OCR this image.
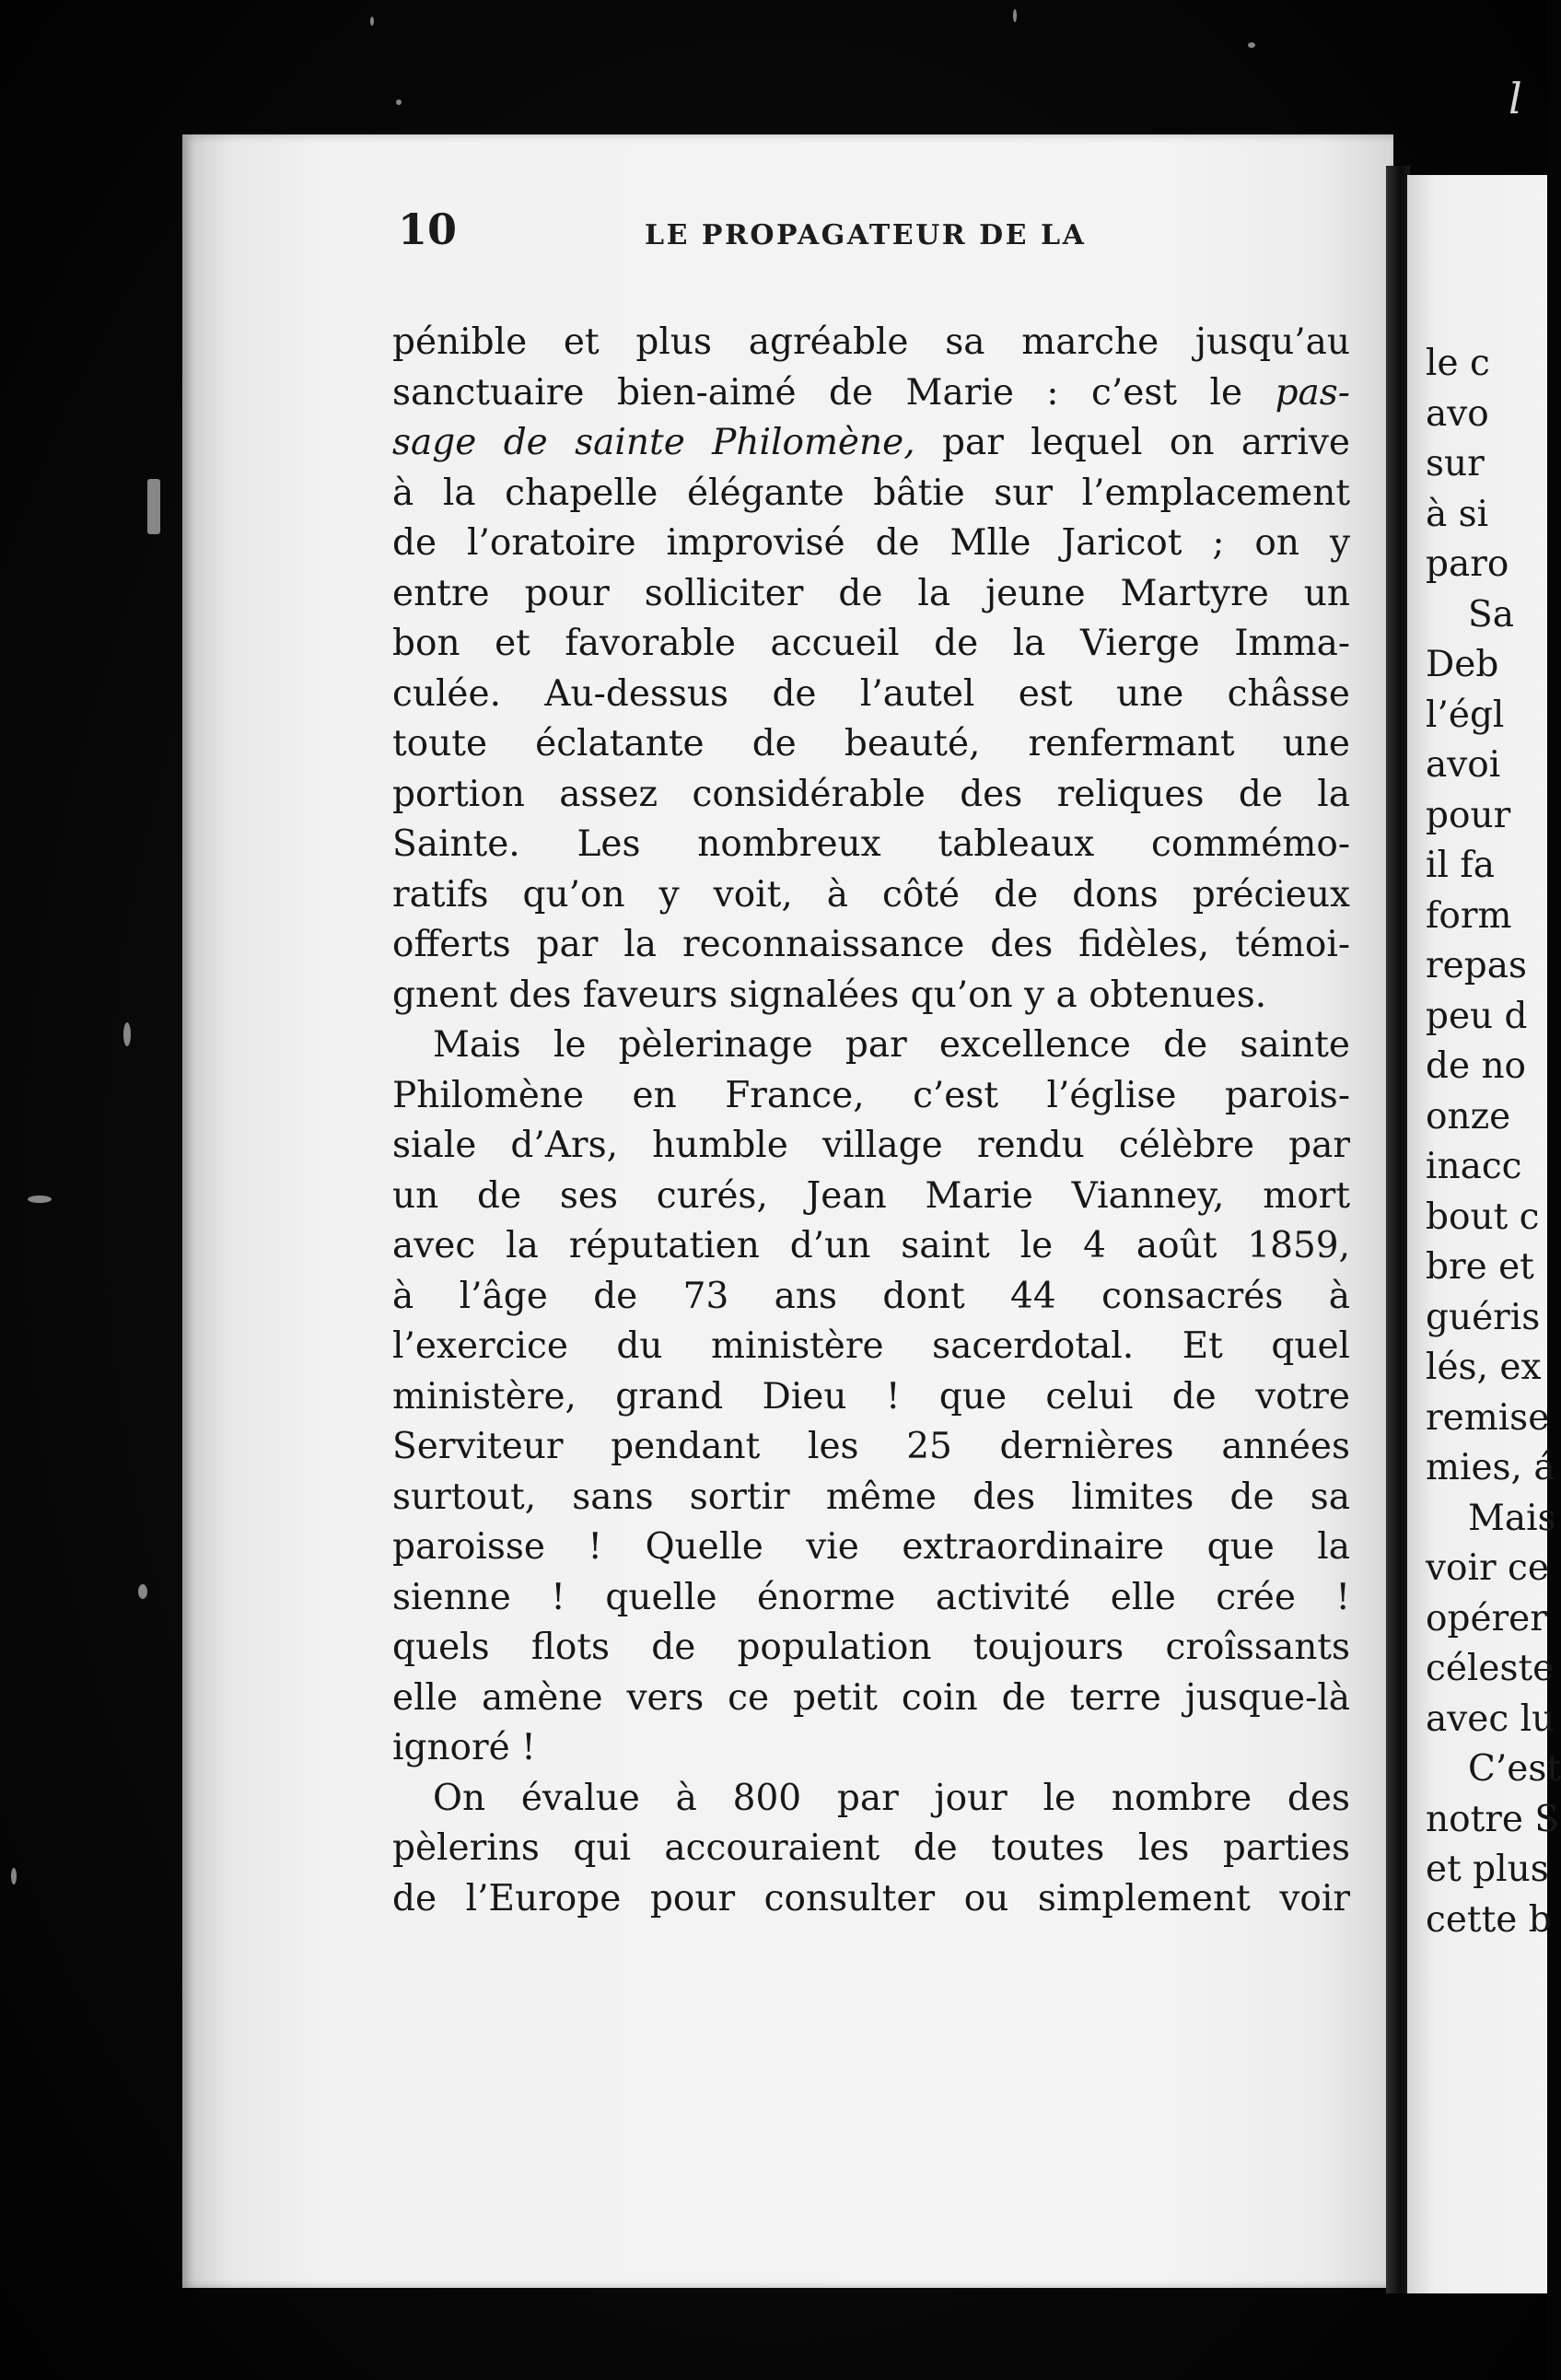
l
10	LE PROPAGATEUR DE LA
pénible et plus agréable sa marche jusqu’au
sanctuaire bien-aimé de Marie : c’est le pas-
sage de sainte Philomène, par lequel on arrive
à la chapelle élégante bâtie sur l’emplacement
de l’oratoire improvisé de Mlle Jaricot ; on y
entre pour solliciter de la jeune Martyre un
bon et favorable accueil de la Vierge Imma-
culée. Au-dessus de l’autel est une châsse
toute éclatante de beauté, renfermant une
portion assez considérable des reliques de la
Sainte. Les nombreux tableaux commémo-
ratifs qu’on y voit, à côté de dons précieux
offerts par la reconnaissance des fidèles, témoi-
gnent des faveurs signalées qu’on y a obtenues.
Mais le pèlerinage par excellence de sainte
Philomène en France, c’est l’église parois-
siale d’Ars, humble village rendu célèbre par
un de ses curés, Jean Marie Vianney, mort
avec la réputatien d’un saint le 4 août 1859,
à l’âge de 73 ans dont 44 consacrés à
l’exercice du ministère sacerdotal. Et quel
ministère, grand Dieu ! que celui de votre
Serviteur pendant les 25 dernières années
surtout, sans sortir même des limites de sa
paroisse ! Quelle vie extraordinaire que la
sienne ! quelle énorme activité elle crée !
quels flots de population toujours croîssants
elle amène vers ce petit coin de terre jusque-là
ignoré !
On évalue à 800 par jour le nombre des
pèlerins qui accouraient de toutes les parties
de l’Europe pour consulter ou simplement voir
le c
avo
sur
à si
paro
Sa
Deb
l’égl
avoi
pour
il fa
form
repas
peu d
de no
onze
inacc
bout c
bre et
guéris
lés, ex
remise
mies, á
Mais
voir ce
opérer
céleste
avec lu
C’est
notre S
et plus
cette b
